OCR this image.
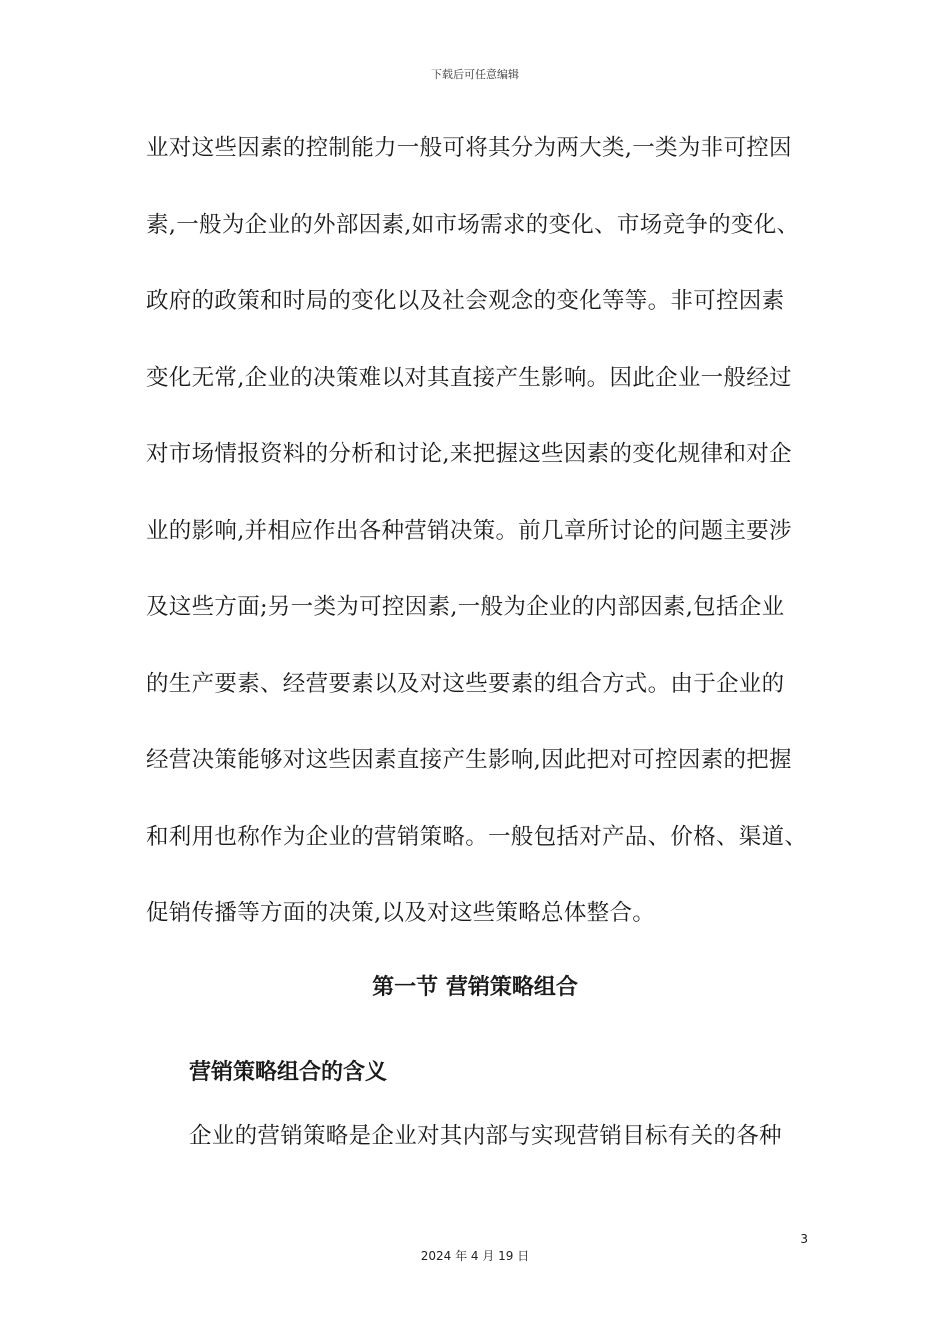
下载后可任意编辑
业对这些因素的控制能力一般可将其分为两大类,一类为非可控因
素,一般为企业的外部因素,如市场需求的变化、市场竞争的变化、
政府的政策和时局的变化以及社会观念的变化等等。非可控因素
变化无常,企业的决策难以对其直接产生影响。因此企业一般经过
对市场情报资料的分析和讨论,来把握这些因素的变化规律和对企
业的影响,并相应作出各种营销决策。前几章所讨论的问题主要涉
及这些方面;另一类为可控因素,一般为企业的内部因素,包括企业
的生产要素、经营要素以及对这些要素的组合方式。由于企业的
经营决策能够对这些因素直接产生影响,因此把对可控因素的把握
和利用也称作为企业的营销策略。一般包括对产品、价格、渠道、
促销传播等方面的决策,以及对这些策略总体整合。
第一节 营销策略组合
营销策略组合的含义
企业的营销策略是企业对其内部与实现营销目标有关的各种
3
2024 年 4 月 19 日
